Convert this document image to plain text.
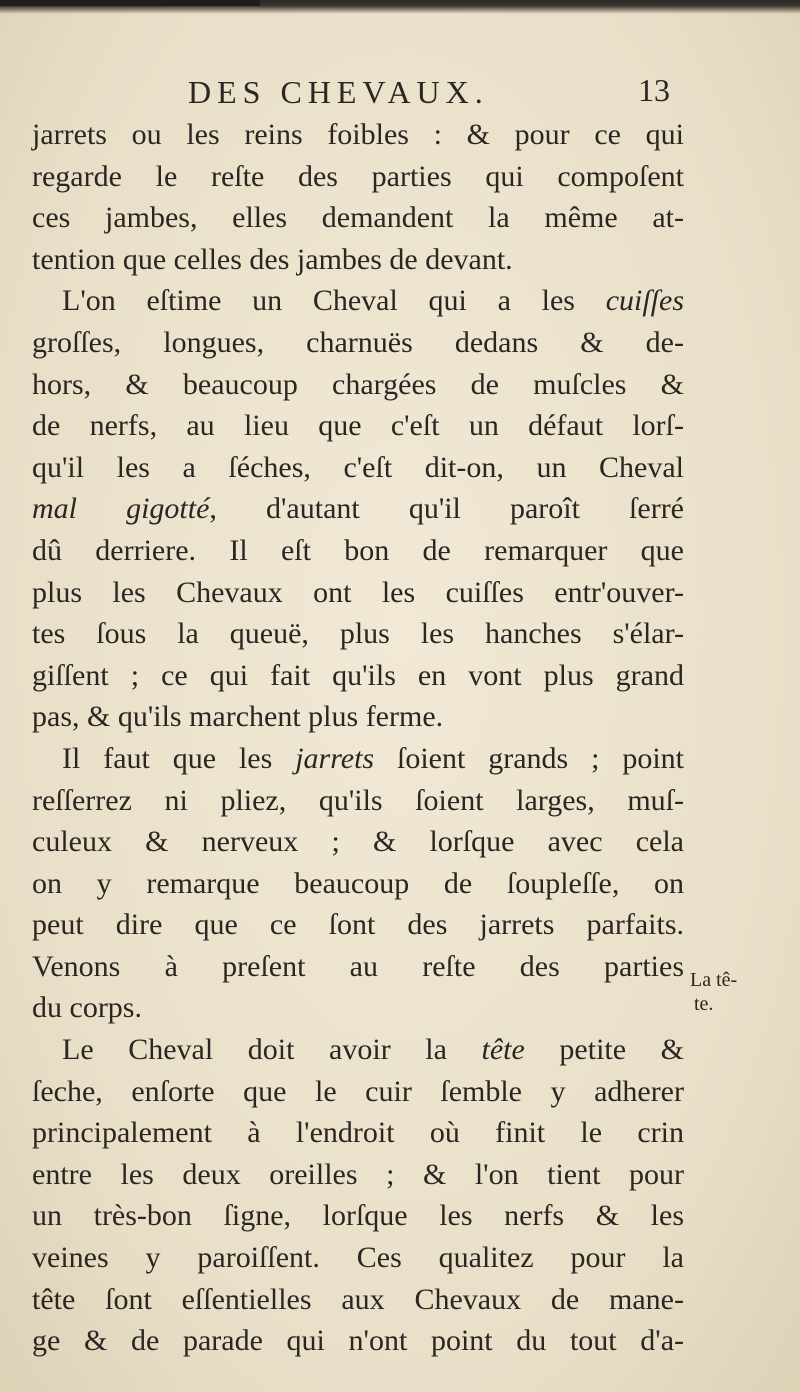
DES CHEVAUX.	13
jarrets ou les reins foibles : & pour ce qui
regarde le reſte des parties qui compoſent
ces jambes, elles demandent la même at-
tention que celles des jambes de devant.
L'on eſtime un Cheval qui a les cuiſſes
groſſes, longues, charnuës dedans & de-
hors, & beaucoup chargées de muſcles &
de nerfs, au lieu que c'eſt un défaut lorſ-
qu'il les a ſéches, c'eſt dit-on, un Cheval
mal gigotté, d'autant qu'il paroît ſerré
dû derriere. Il eſt bon de remarquer que
plus les Chevaux ont les cuiſſes entr'ouver-
tes ſous la queuë, plus les hanches s'élar-
giſſent ; ce qui fait qu'ils en vont plus grand
pas, & qu'ils marchent plus ferme.
Il faut que les jarrets ſoient grands ; point
reſſerrez ni pliez, qu'ils ſoient larges, muſ-
culeux & nerveux ; & lorſque avec cela
on y remarque beaucoup de ſoupleſſe, on
peut dire que ce ſont des jarrets parfaits.
Venons à preſent au reſte des parties
du corps.
Le Cheval doit avoir la tête petite &
ſeche, enſorte que le cuir ſemble y adherer
principalement à l'endroit où finit le crin
entre les deux oreilles ; & l'on tient pour
un très-bon ſigne, lorſque les nerfs & les
veines y paroiſſent. Ces qualitez pour la
tête ſont eſſentielles aux Chevaux de mane-
ge & de parade qui n'ont point du tout d'a-
La tê-
te.
